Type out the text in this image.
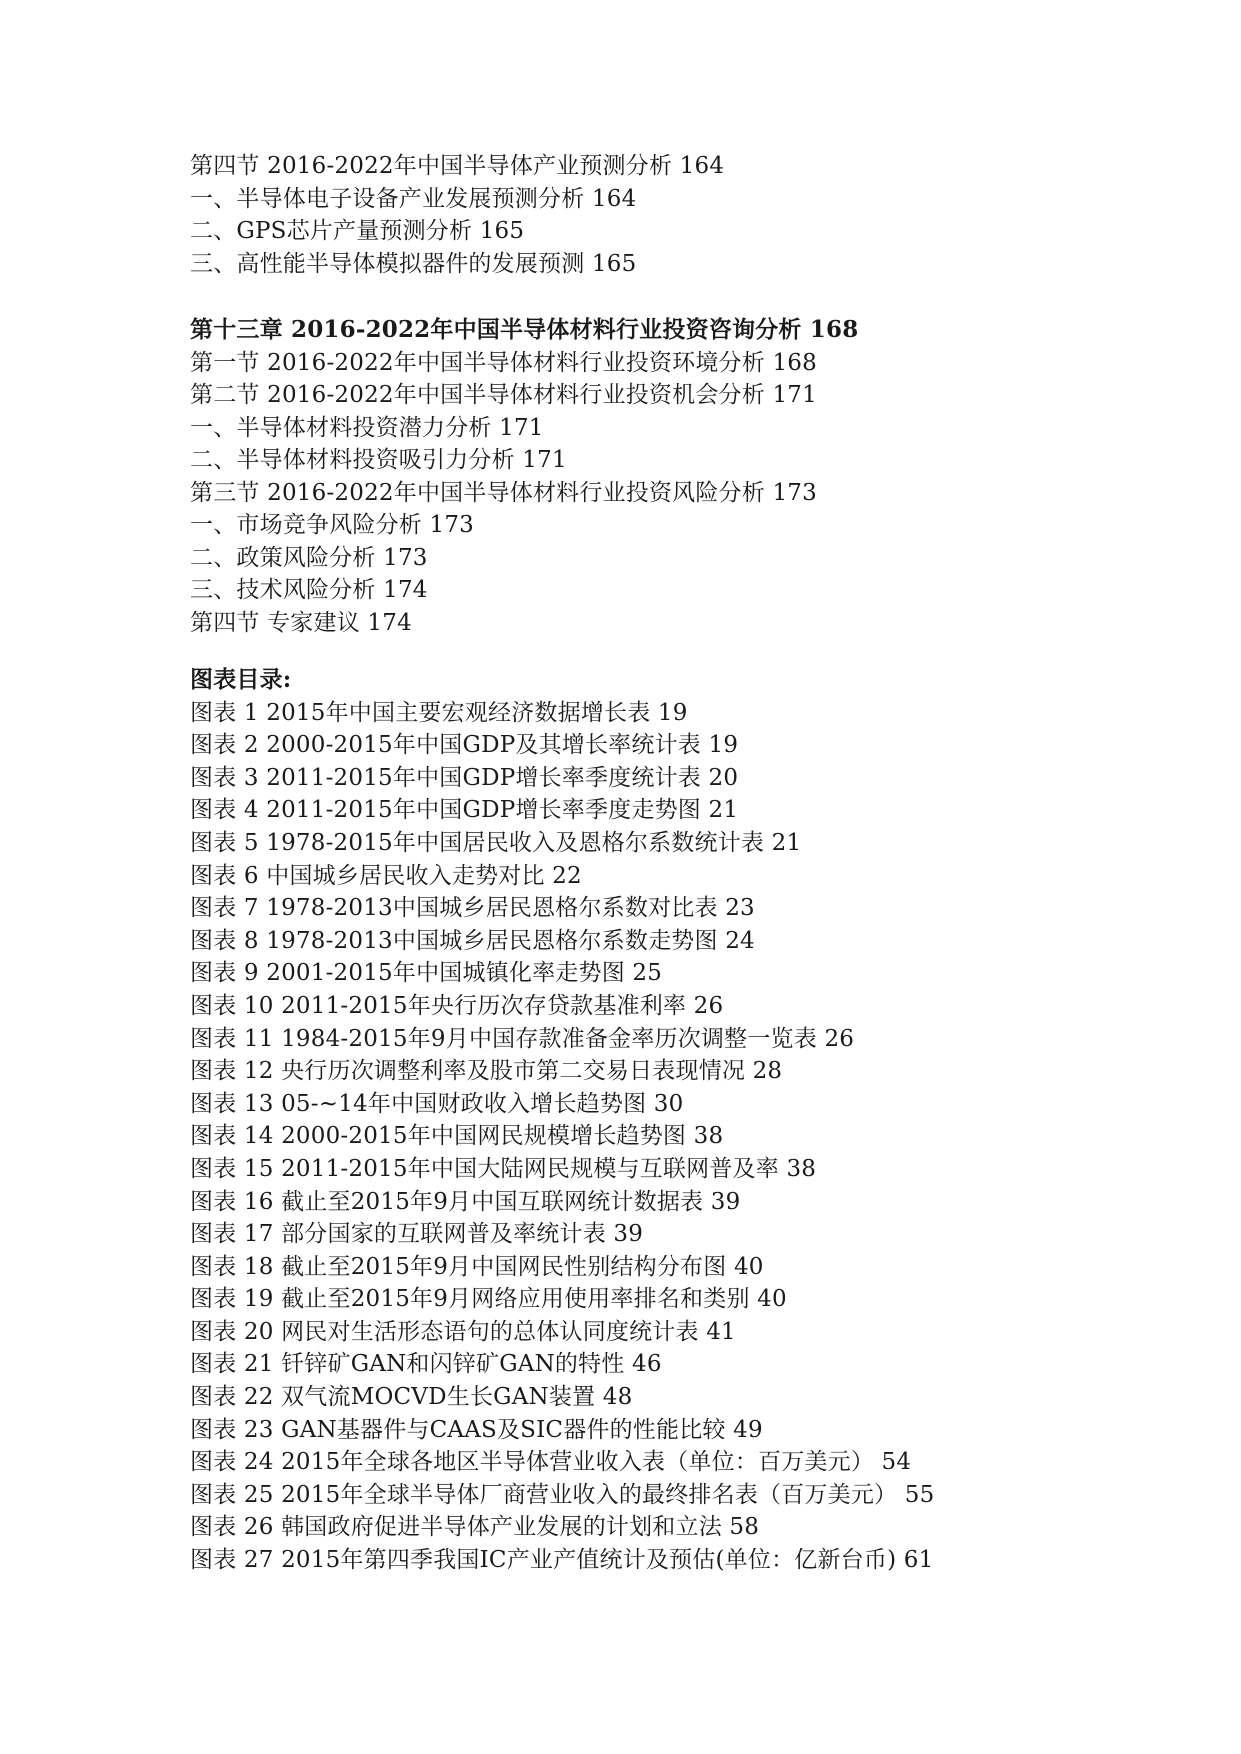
第四节 2016-2022年中国半导体产业预测分析 164
一、半导体电子设备产业发展预测分析 164
二、GPS芯片产量预测分析 165
三、高性能半导体模拟器件的发展预测 165
第十三章 2016-2022年中国半导体材料行业投资咨询分析 168
第一节 2016-2022年中国半导体材料行业投资环境分析 168
第二节 2016-2022年中国半导体材料行业投资机会分析 171
一、半导体材料投资潜力分析 171
二、半导体材料投资吸引力分析 171
第三节 2016-2022年中国半导体材料行业投资风险分析 173
一、市场竞争风险分析 173
二、政策风险分析 173
三、技术风险分析 174
第四节 专家建议 174
图表目录:
图表 1 2015年中国主要宏观经济数据增长表 19
图表 2 2000-2015年中国GDP及其增长率统计表 19
图表 3 2011-2015年中国GDP增长率季度统计表 20
图表 4 2011-2015年中国GDP增长率季度走势图 21
图表 5 1978-2015年中国居民收入及恩格尔系数统计表 21
图表 6 中国城乡居民收入走势对比 22
图表 7 1978-2013中国城乡居民恩格尔系数对比表 23
图表 8 1978-2013中国城乡居民恩格尔系数走势图 24
图表 9 2001-2015年中国城镇化率走势图 25
图表 10 2011-2015年央行历次存贷款基准利率 26
图表 11 1984-2015年9月中国存款准备金率历次调整一览表 26
图表 12 央行历次调整利率及股市第二交易日表现情况 28
图表 13 05-~14年中国财政收入增长趋势图 30
图表 14 2000-2015年中国网民规模增长趋势图 38
图表 15 2011-2015年中国大陆网民规模与互联网普及率 38
图表 16 截止至2015年9月中国互联网统计数据表 39
图表 17 部分国家的互联网普及率统计表 39
图表 18 截止至2015年9月中国网民性别结构分布图 40
图表 19 截止至2015年9月网络应用使用率排名和类别 40
图表 20 网民对生活形态语句的总体认同度统计表 41
图表 21 钎锌矿GAN和闪锌矿GAN的特性 46
图表 22 双气流MOCVD生长GAN装置 48
图表 23 GAN基器件与CAAS及SIC器件的性能比较 49
图表 24 2015年全球各地区半导体营业收入表（单位：百万美元） 54
图表 25 2015年全球半导体厂商营业收入的最终排名表（百万美元） 55
图表 26 韩国政府促进半导体产业发展的计划和立法 58
图表 27 2015年第四季我国IC产业产值统计及预估(单位：亿新台币) 61
